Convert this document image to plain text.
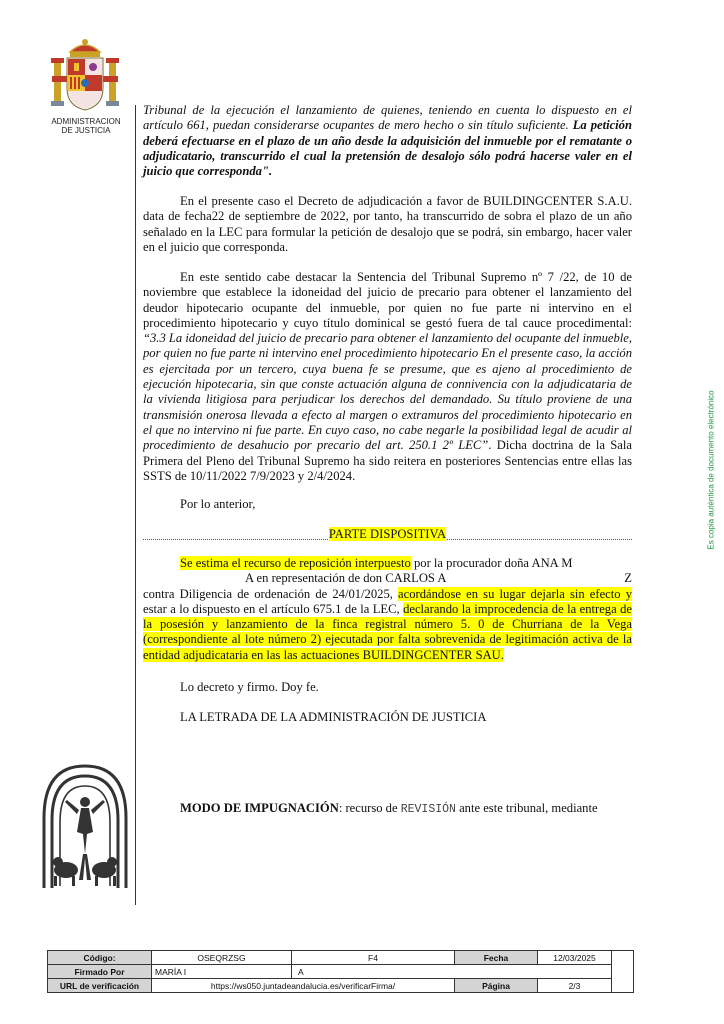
ADMINISTRACION
DE JUSTICIA
Es copia auténtica de documento electrónico

Tribunal de la ejecución el lanzamiento de quienes, teniendo en cuenta lo dispuesto en el artículo 661, puedan considerarse ocupantes de mero hecho o sin título suficiente. La petición deberá efectuarse en el plazo de un año desde la adquisición del inmueble por el rematante o adjudicatario, transcurrido el cual la pretensión de desalojo sólo podrá hacerse valer en el juicio que corresponda".

En el presente caso el Decreto de adjudicación a favor de BUILDINGCENTER S.A.U. data de fecha22 de septiembre de 2022, por tanto, ha transcurrido de sobra el plazo de un año señalado en la LEC para formular la petición de desalojo que se podrá, sin embargo, hacer valer en el juicio que corresponda.

En este sentido cabe destacar la Sentencia del Tribunal Supremo nº 7 /22, de 10 de noviembre que establece la idoneidad del juicio de precario para obtener el lanzamiento del deudor hipotecario ocupante del inmueble, por quien no fue parte ni intervino en el procedimiento hipotecario y cuyo título dominical se gestó fuera de tal cauce procedimental: “3.3 La idoneidad del juicio de precario para obtener el lanzamiento del ocupante del inmueble, por quien no fue parte ni intervino enel procedimiento hipotecario En el presente caso, la acción es ejercitada por un tercero, cuya buena fe se presume, que es ajeno al procedimiento de ejecución hipotecaria, sin que conste actuación alguna de connivencia con la adjudicataria de la vivienda litigiosa para perjudicar los derechos del demandado. Su título proviene de una transmisión onerosa llevada a efecto al margen o extramuros del procedimiento hipotecario en el que no intervino ni fue parte. En cuyo caso, no cabe negarle la posibilidad legal de acudir al procedimiento de desahucio por precario del art. 250.1 2º LEC”. Dicha doctrina de la Sala Primera del Pleno del Tribunal Supremo ha sido reitera en posteriores Sentencias entre ellas las SSTS de 10/11/2022 7/9/2023 y 2/4/2024.

Por lo anterior,

PARTE DISPOSITIVA
Se estima el recurso de reposición interpuesto por la procurador doña ANA M
A en representación de don CARLOS A	Z
contra Diligencia de ordenación de 24/01/2025, acordándose en su lugar dejarla sin efecto y

estar a lo dispuesto en el artículo 675.1 de la LEC, declarando la improcedencia de la entrega de la posesión y lanzamiento de la finca registral número 5. 0 de Churriana de la Vega (correspondiente al lote número 2) ejecutada por falta sobrevenida de legitimación activa de la entidad adjudicataria en las las actuaciones BUILDINGCENTER SAU.

Lo decreto y firmo. Doy fe.

LA LETRADA DE LA ADMINISTRACIÓN DE JUSTICIA

MODO DE IMPUGNACIÓN: recurso de REVISIÓN ante este tribunal, mediante

Código:	OSEQRZSG	F4	Fecha	12/03/2025	
Firmado Por	MARÍA I	A			
URL de verificación	https://ws050.juntadeandalucia.es/verificarFirma/		Página	2/3	
